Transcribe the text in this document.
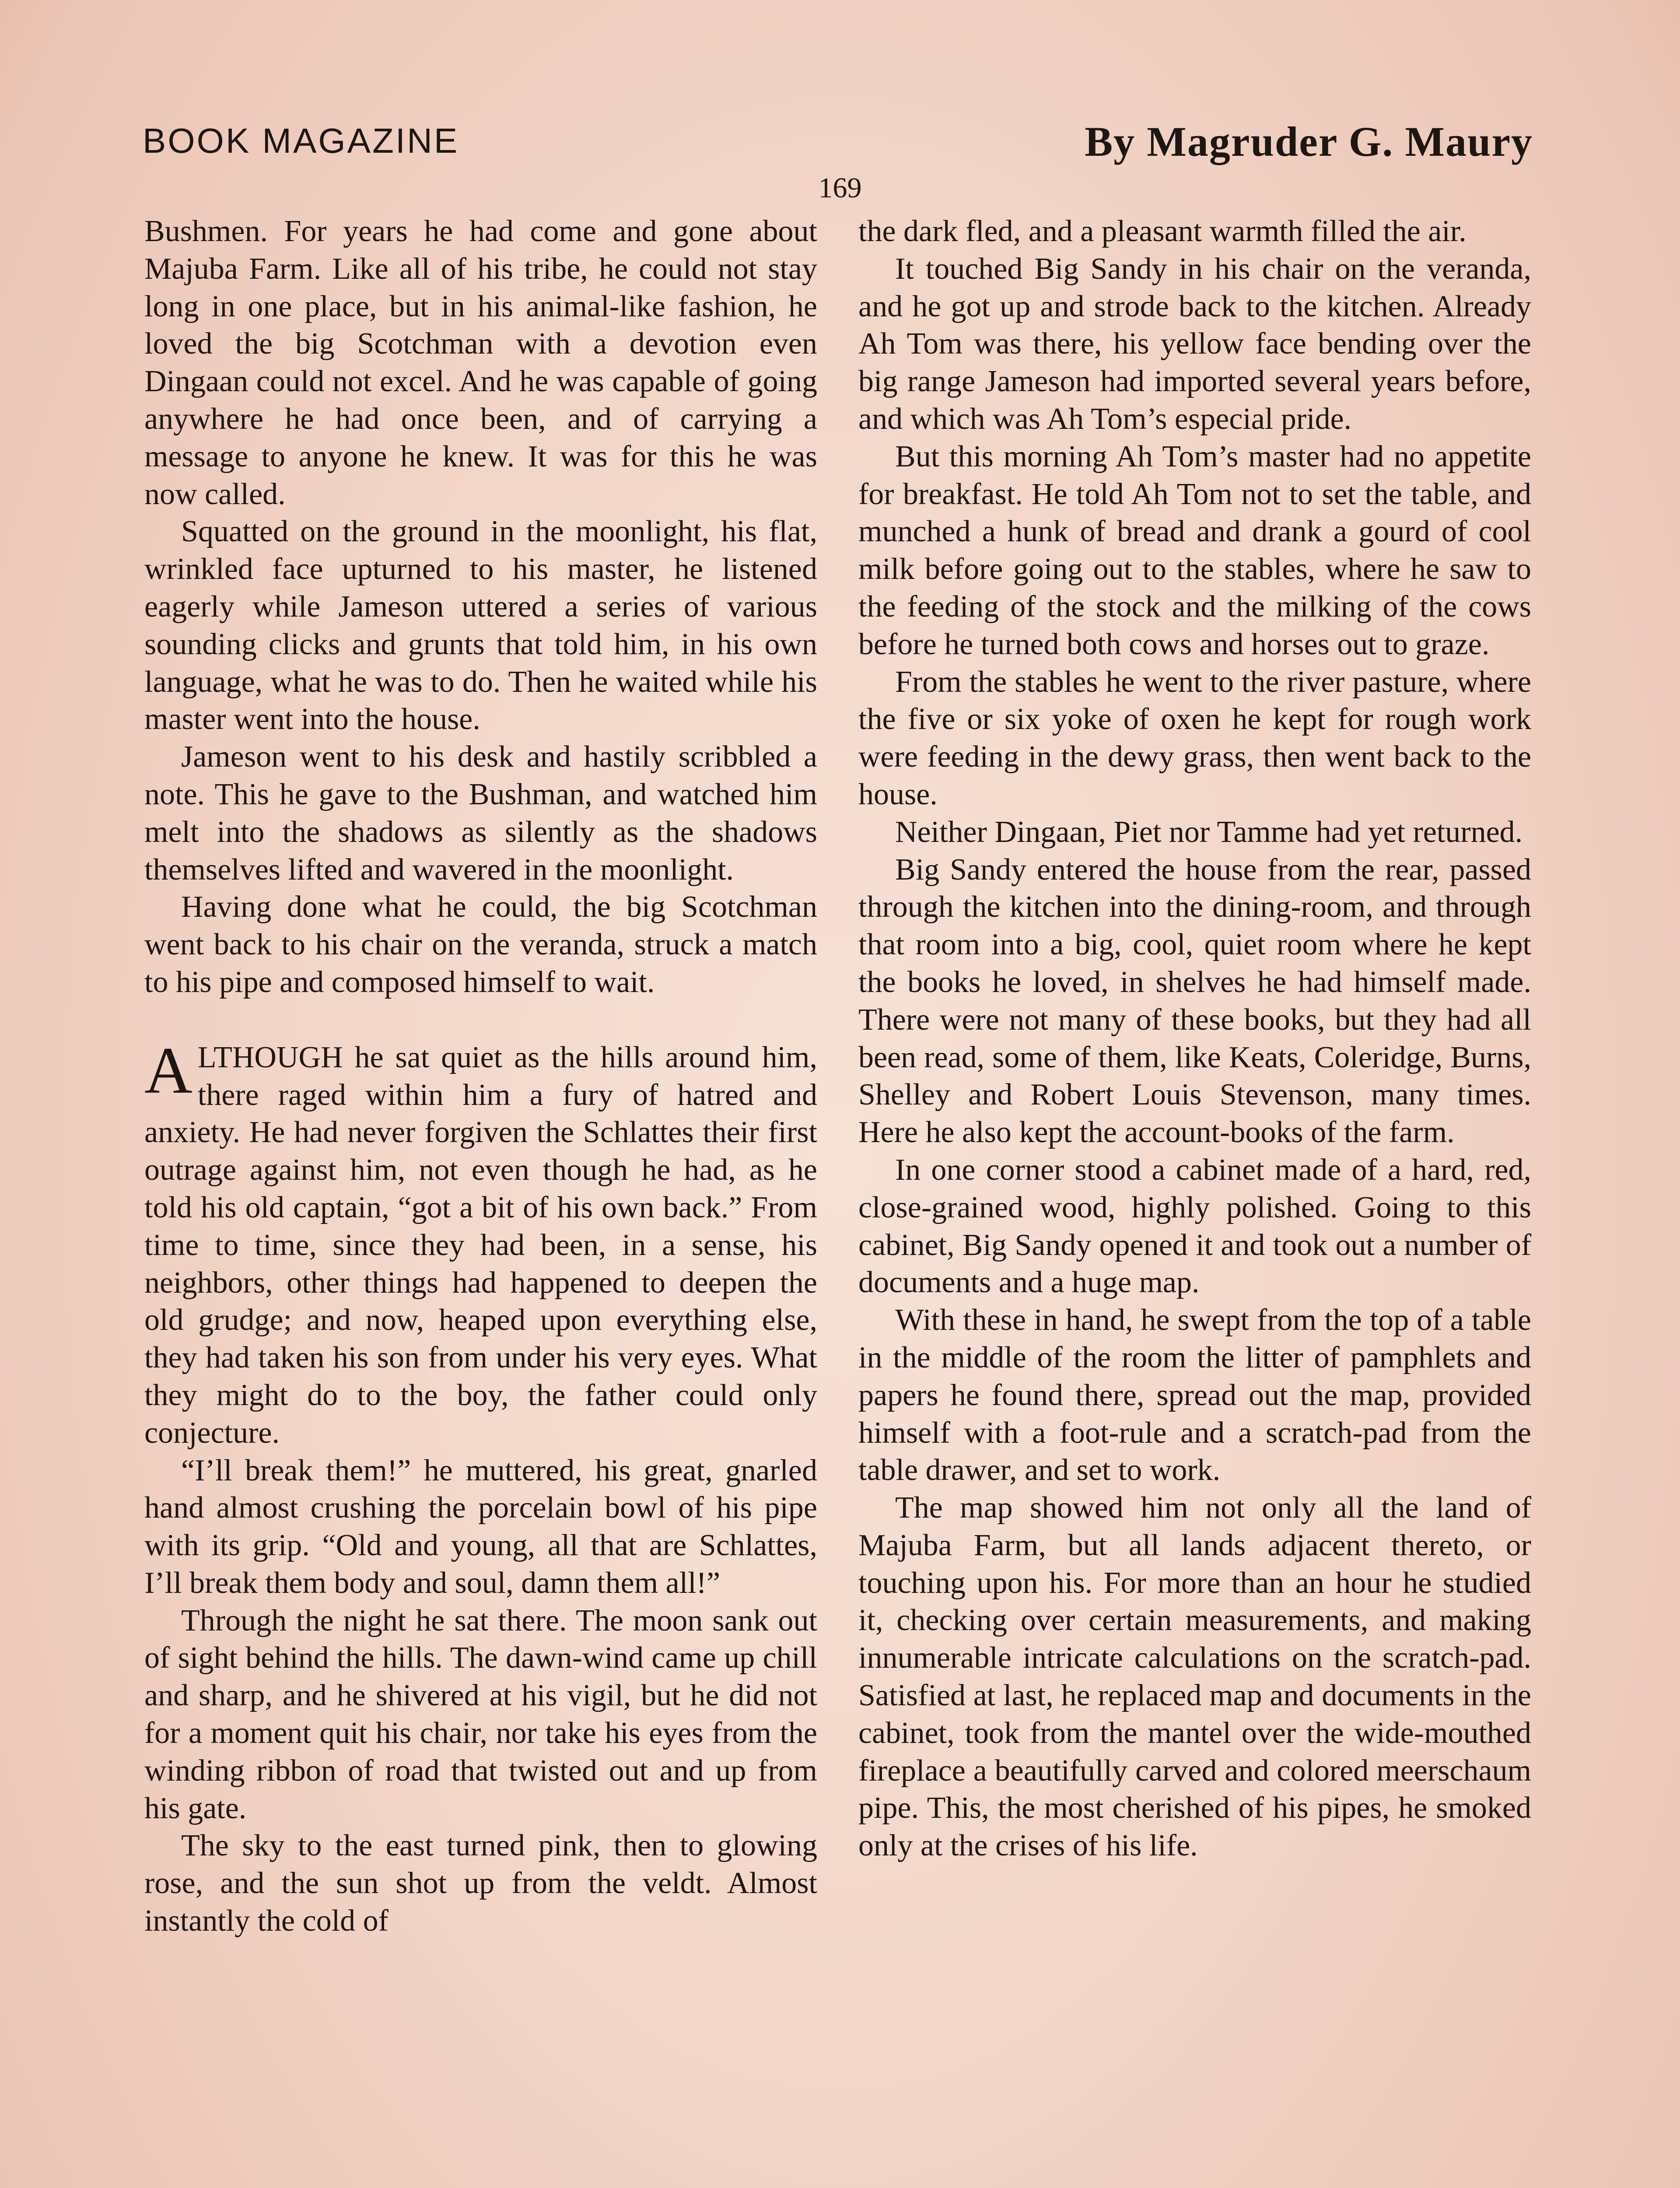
BOOK MAGAZINE	By Magruder G. Maury
169

Bushmen. For years he had come and gone about Majuba Farm. Like all of his tribe, he could not stay long in one place, but in his animal-like fashion, he loved the big Scotchman with a devotion even Dingaan could not excel. And he was capable of going anywhere he had once been, and of carrying a message to anyone he knew. It was for this he was now called.

Squatted on the ground in the moonlight, his flat, wrinkled face upturned to his master, he listened eagerly while Jameson uttered a series of various sounding clicks and grunts that told him, in his own language, what he was to do. Then he waited while his master went into the house.

Jameson went to his desk and hastily scribbled a note. This he gave to the Bushman, and watched him melt into the shadows as silently as the shadows themselves lifted and wavered in the moonlight.

Having done what he could, the big Scotchman went back to his chair on the veranda, struck a match to his pipe and composed himself to wait.

ALTHOUGH he sat quiet as the hills around him, there raged within him a fury of hatred and anxiety. He had never forgiven the Schlattes their first outrage against him, not even though he had, as he told his old captain, “got a bit of his own back.” From time to time, since they had been, in a sense, his neighbors, other things had happened to deepen the old grudge; and now, heaped upon everything else, they had taken his son from under his very eyes. What they might do to the boy, the father could only conjecture.

“I’ll break them!” he muttered, his great, gnarled hand almost crushing the porcelain bowl of his pipe with its grip. “Old and young, all that are Schlattes, I’ll break them body and soul, damn them all!”

Through the night he sat there. The moon sank out of sight behind the hills. The dawn-wind came up chill and sharp, and he shivered at his vigil, but he did not for a moment quit his chair, nor take his eyes from the winding ribbon of road that twisted out and up from his gate.

The sky to the east turned pink, then to glowing rose, and the sun shot up from the veldt. Almost instantly the cold of

the dark fled, and a pleasant warmth filled the air.

It touched Big Sandy in his chair on the veranda, and he got up and strode back to the kitchen. Already Ah Tom was there, his yellow face bending over the big range Jameson had imported several years before, and which was Ah Tom’s especial pride.

But this morning Ah Tom’s master had no appetite for breakfast. He told Ah Tom not to set the table, and munched a hunk of bread and drank a gourd of cool milk before going out to the stables, where he saw to the feeding of the stock and the milking of the cows before he turned both cows and horses out to graze.

From the stables he went to the river pasture, where the five or six yoke of oxen he kept for rough work were feeding in the dewy grass, then went back to the house.

Neither Dingaan, Piet nor Tamme had yet returned.

Big Sandy entered the house from the rear, passed through the kitchen into the dining-room, and through that room into a big, cool, quiet room where he kept the books he loved, in shelves he had himself made. There were not many of these books, but they had all been read, some of them, like Keats, Coleridge, Burns, Shelley and Robert Louis Stevenson, many times. Here he also kept the account-books of the farm.

In one corner stood a cabinet made of a hard, red, close-grained wood, highly polished. Going to this cabinet, Big Sandy opened it and took out a number of documents and a huge map.

With these in hand, he swept from the top of a table in the middle of the room the litter of pamphlets and papers he found there, spread out the map, provided himself with a foot-rule and a scratch-pad from the table drawer, and set to work.

The map showed him not only all the land of Majuba Farm, but all lands adjacent thereto, or touching upon his. For more than an hour he studied it, checking over certain measurements, and making innumerable intricate calculations on the scratch-pad. Satisfied at last, he replaced map and documents in the cabinet, took from the mantel over the wide-mouthed fireplace a beautifully carved and colored meerschaum pipe. This, the most cherished of his pipes, he smoked only at the crises of his life.
